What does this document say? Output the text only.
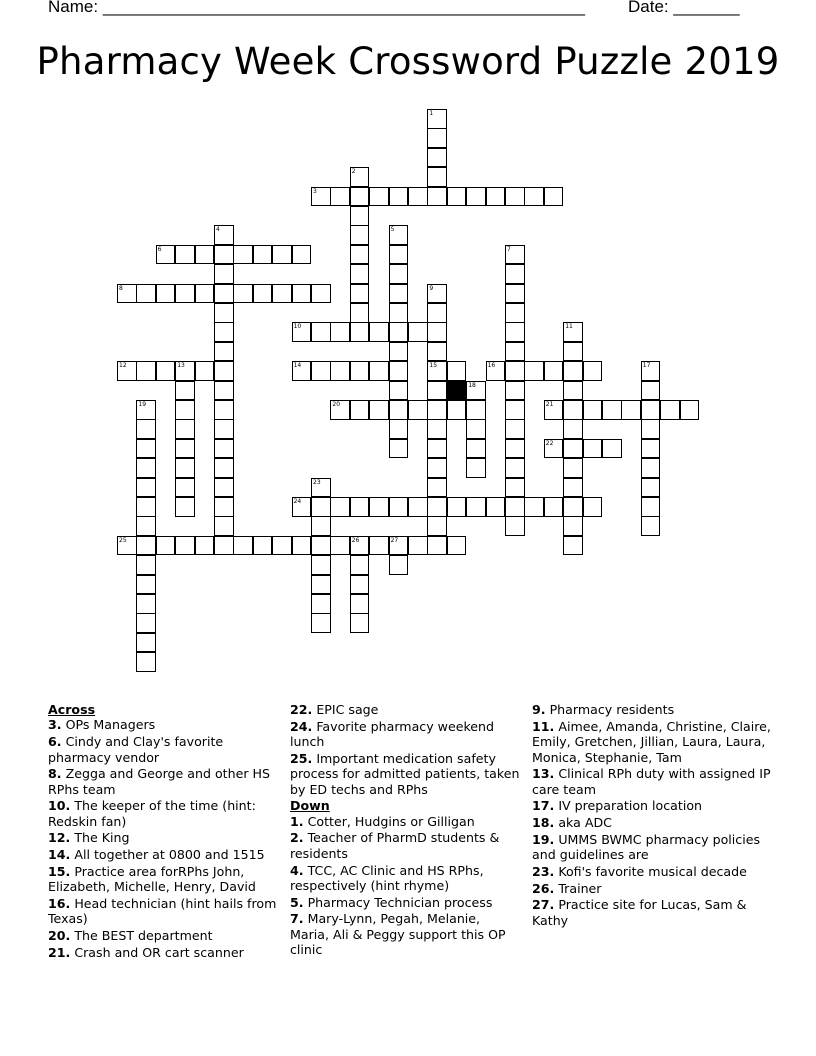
Name: ___________________________________________________	Date: _______
Pharmacy Week Crossword Puzzle 2019
1
2
3
4	5
6	7
8	9
15
10	11
12	13	14	16	17
18
19	20	21
22
23
24
25	26	27
Across
3. OPs Managers
6. Cindy and Clay's favorite pharmacy vendor
8. Zegga and George and other HS RPhs team
10. The keeper of the time (hint: Redskin fan)
12. The King
14. All together at 0800 and 1515
15. Practice area forRPhs John, Elizabeth, Michelle, Henry, David
16. Head technician (hint hails from Texas)
20. The BEST department
21. Crash and OR cart scanner
22. EPIC sage
24. Favorite pharmacy weekend lunch
25. Important medication safety process for admitted patients, taken by ED techs and RPhs
Down
1. Cotter, Hudgins or Gilligan
2. Teacher of PharmD students & residents
4. TCC, AC Clinic and HS RPhs, respectively (hint rhyme)
5. Pharmacy Technician process
7. Mary-Lynn, Pegah, Melanie, Maria, Ali & Peggy support this OP clinic
9. Pharmacy residents
11. Aimee, Amanda, Christine, Claire, Emily, Gretchen, Jillian, Laura, Laura, Monica, Stephanie, Tam
13. Clinical RPh duty with assigned IP care team
17. IV preparation location
18. aka ADC
19. UMMS BWMC pharmacy policies and guidelines are
23. Kofi's favorite musical decade
26. Trainer
27. Practice site for Lucas, Sam & Kathy
